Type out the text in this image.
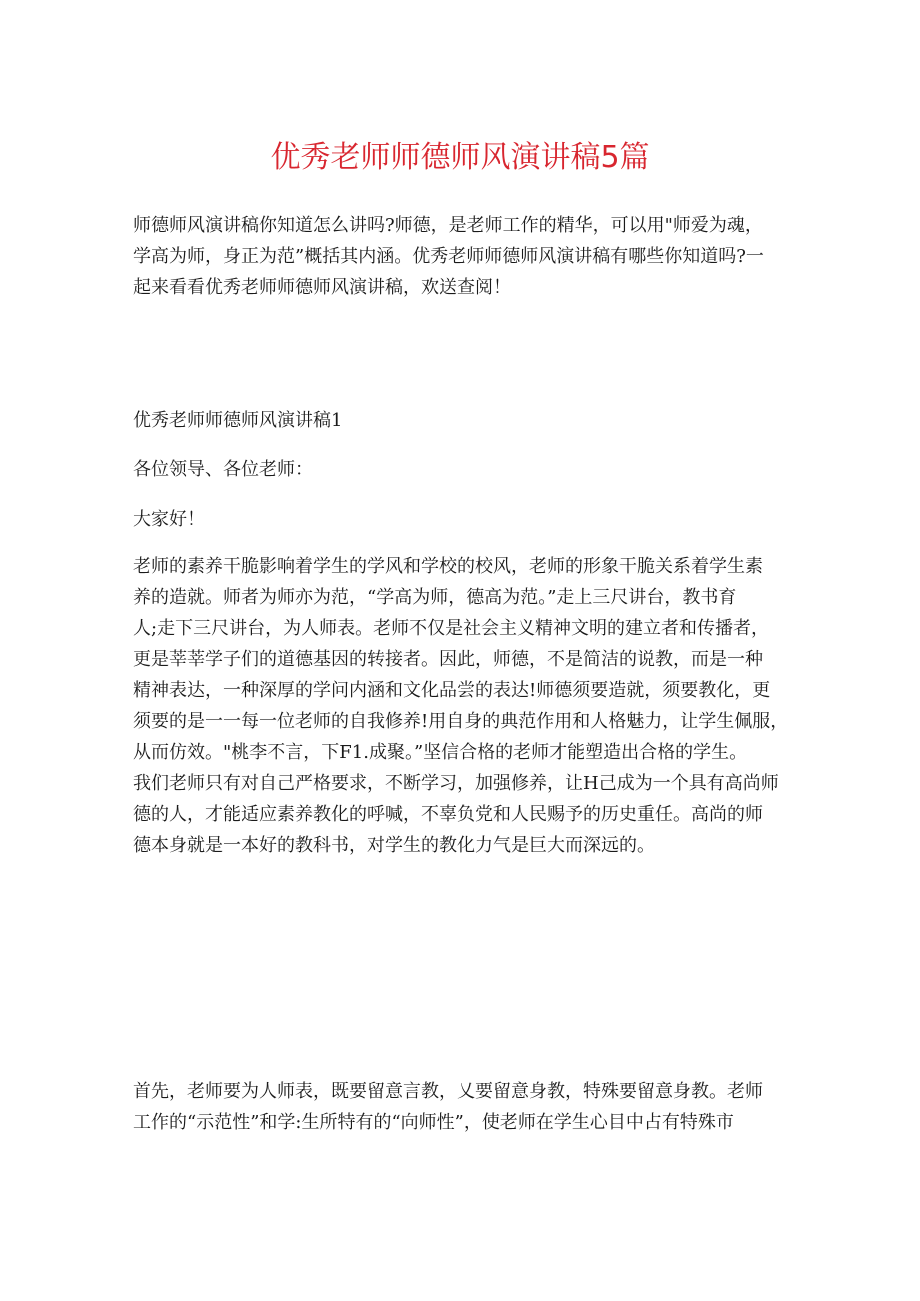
优秀老师师德师风演讲稿5篇

师德师风演讲稿你知道怎么讲吗?师德，是老师工作的精华，可以用"师爱为魂，

学高为师，身正为范”概括其内涵。优秀老师师德师风演讲稿有哪些你知道吗?一

起来看看优秀老师师德师风演讲稿，欢送查阅！

优秀老师师德师风演讲稿1

各位领导、各位老师：

大家好！

老师的素养干脆影响着学生的学风和学校的校风，老师的形象干脆关系着学生素

养的造就。师者为师亦为范，“学高为师，德高为范。”走上三尺讲台，教书育

人;走下三尺讲台，为人师表。老师不仅是社会主义精神文明的建立者和传播者，

更是莘莘学子们的道德基因的转接者。因此，师德，不是简洁的说教，而是一种

精神表达，一种深厚的学问内涵和文化品尝的表达!师德须要造就，须要教化，更

须要的是一一每一位老师的自我修养!用自身的典范作用和人格魅力，让学生佩服，

从而仿效。"桃李不言，下F1.成聚。”坚信合格的老师才能塑造出合格的学生。

我们老师只有对自己严格要求，不断学习，加强修养，让H己成为一个具有高尚师

德的人，才能适应素养教化的呼喊，不辜负党和人民赐予的历史重任。高尚的师

德本身就是一本好的教科书，对学生的教化力气是巨大而深远的。

首先，老师要为人师表，既要留意言教，乂要留意身教，特殊要留意身教。老师

工作的“示范性”和学:生所特有的“向师性”，使老师在学生心目中占有特殊市
